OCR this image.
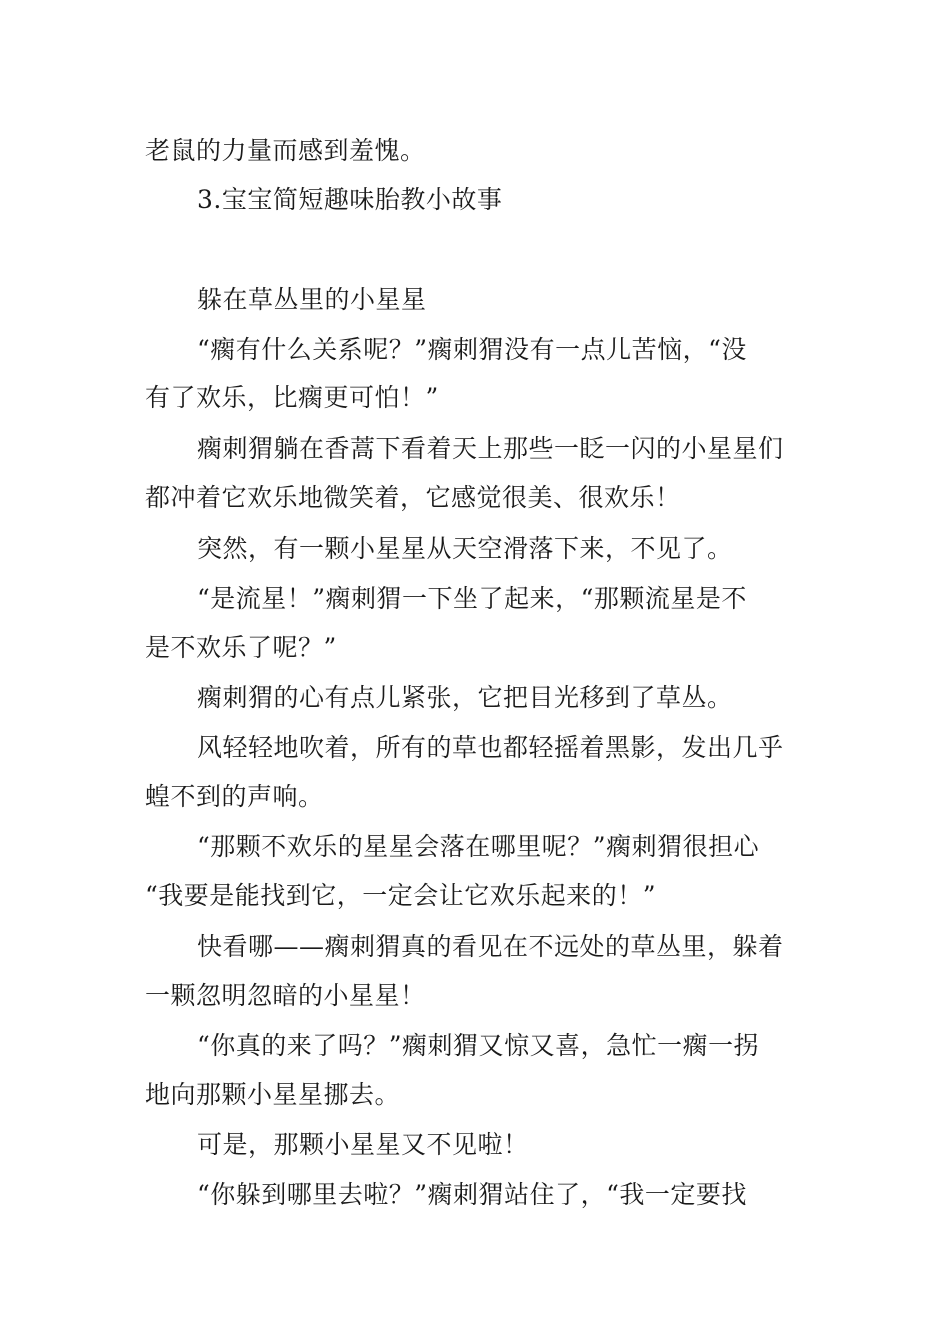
老鼠的力量而感到羞愧。
3.宝宝简短趣味胎教小故事
躲在草丛里的小星星
“瘸有什么关系呢？”瘸刺猬没有一点儿苦恼，“没
有了欢乐，比瘸更可怕！”
瘸刺猬躺在香蒿下看着天上那些一眨一闪的小星星们
都冲着它欢乐地微笑着，它感觉很美、很欢乐！
突然，有一颗小星星从天空滑落下来，不见了。
“是流星！”瘸刺猬一下坐了起来，“那颗流星是不
是不欢乐了呢？”
瘸刺猬的心有点儿紧张，它把目光移到了草丛。
风轻轻地吹着，所有的草也都轻摇着黑影，发出几乎
蝗不到的声响。
“那颗不欢乐的星星会落在哪里呢？”瘸刺猬很担心
“我要是能找到它，一定会让它欢乐起来的！”
快看哪——瘸刺猬真的看见在不远处的草丛里，躲着
一颗忽明忽暗的小星星！
“你真的来了吗？”瘸刺猬又惊又喜，急忙一瘸一拐
地向那颗小星星挪去。
可是，那颗小星星又不见啦！
“你躲到哪里去啦？”瘸刺猬站住了，“我一定要找
